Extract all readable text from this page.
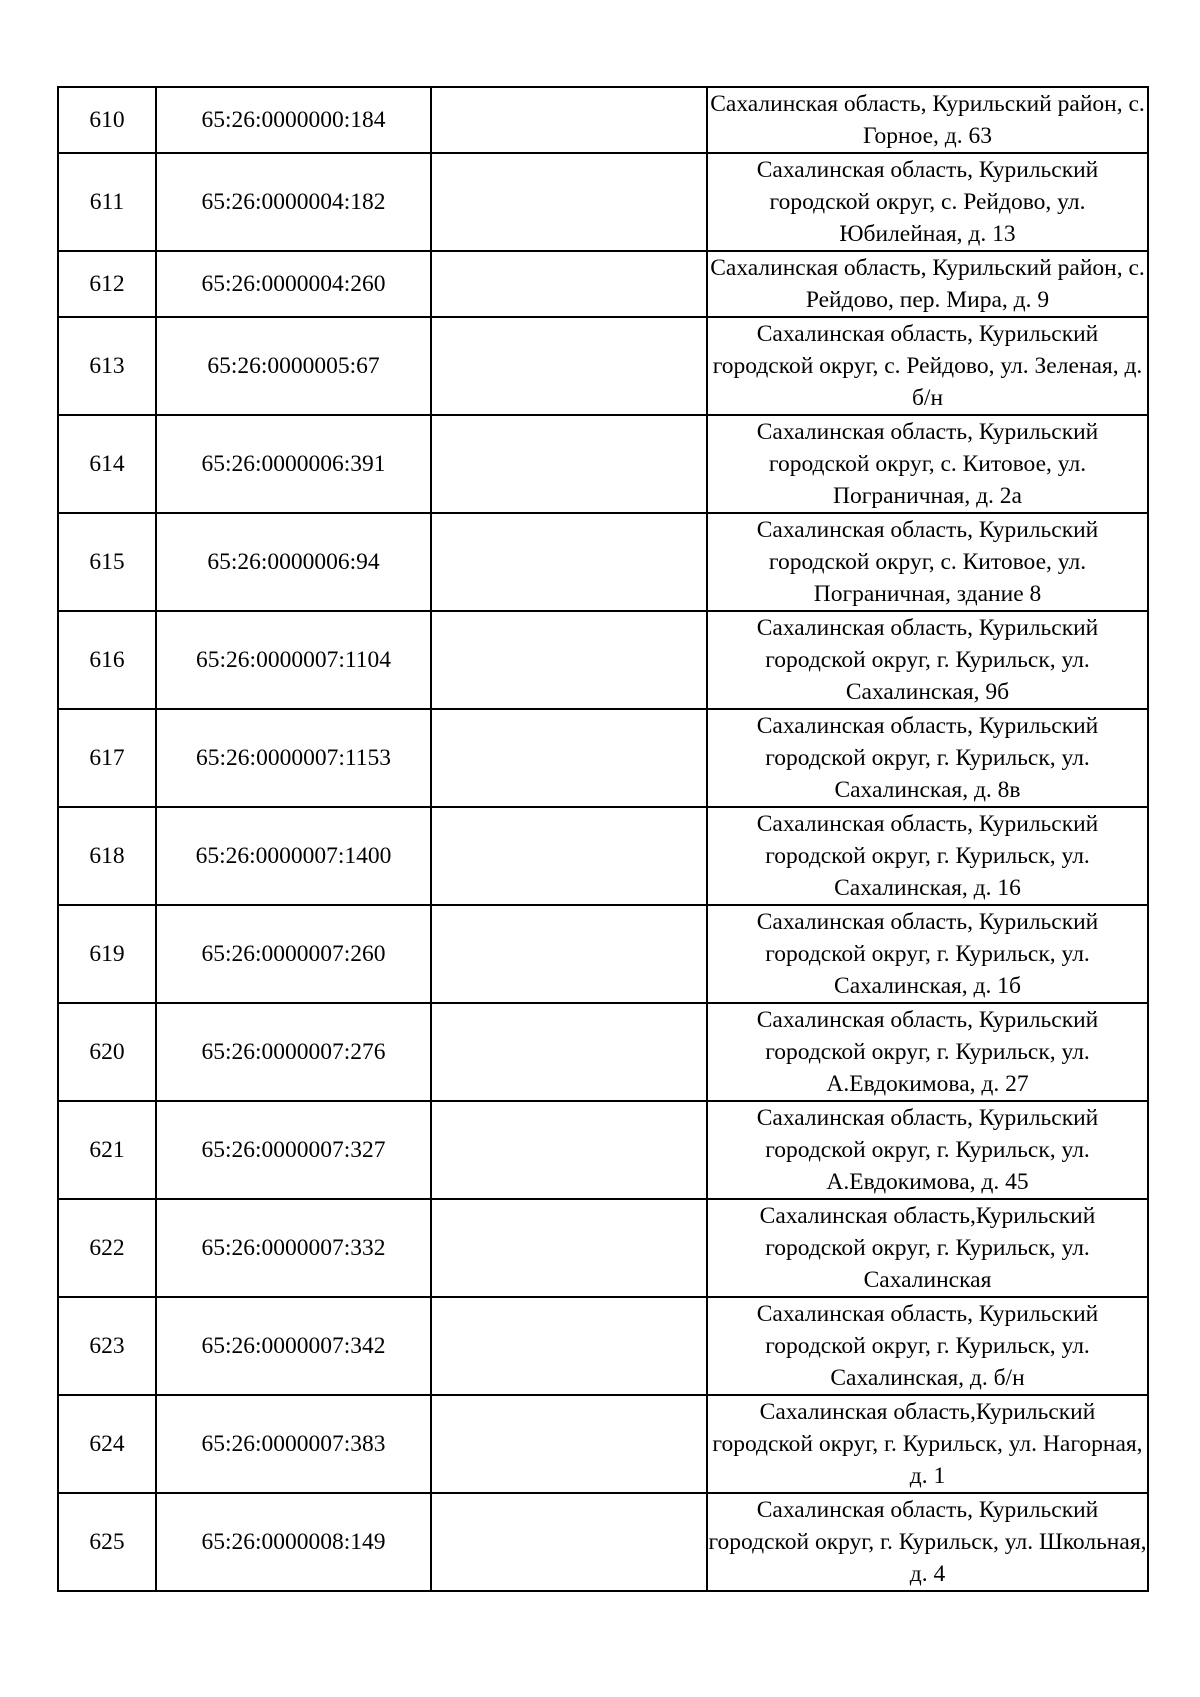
610	65:26:0000000:184		Сахалинская область, Курильский район, с. Горное, д. 63
611	65:26:0000004:182		Сахалинская область, Курильский городской округ, с. Рейдово, ул. Юбилейная, д. 13
612	65:26:0000004:260		Сахалинская область, Курильский район, с. Рейдово, пер. Мира, д. 9
613	65:26:0000005:67		Сахалинская область, Курильский городской округ, с. Рейдово, ул. Зеленая, д. б/н
614	65:26:0000006:391		Сахалинская область, Курильский городской округ, с. Китовое, ул. Пограничная, д. 2а
615	65:26:0000006:94		Сахалинская область, Курильский городской округ, с. Китовое, ул. Пограничная, здание 8
616	65:26:0000007:1104		Сахалинская область, Курильский городской округ, г. Курильск, ул. Сахалинская, 9б
617	65:26:0000007:1153		Сахалинская область, Курильский городской округ, г. Курильск, ул. Сахалинская, д. 8в
618	65:26:0000007:1400		Сахалинская область, Курильский городской округ, г. Курильск, ул. Сахалинская, д. 16
619	65:26:0000007:260		Сахалинская область, Курильский городской округ, г. Курильск, ул. Сахалинская, д. 1б
620	65:26:0000007:276		Сахалинская область, Курильский городской округ, г. Курильск, ул. А.Евдокимова, д. 27
621	65:26:0000007:327		Сахалинская область, Курильский городской округ, г. Курильск, ул. А.Евдокимова, д. 45
622	65:26:0000007:332		Сахалинская область,Курильский городской округ, г. Курильск, ул. Сахалинская
623	65:26:0000007:342		Сахалинская область, Курильский городской округ, г. Курильск, ул. Сахалинская, д. б/н
624	65:26:0000007:383		Сахалинская область,Курильский городской округ, г. Курильск, ул. Нагорная, д. 1
625	65:26:0000008:149		Сахалинская область, Курильский городской округ, г. Курильск, ул. Школьная, д. 4
